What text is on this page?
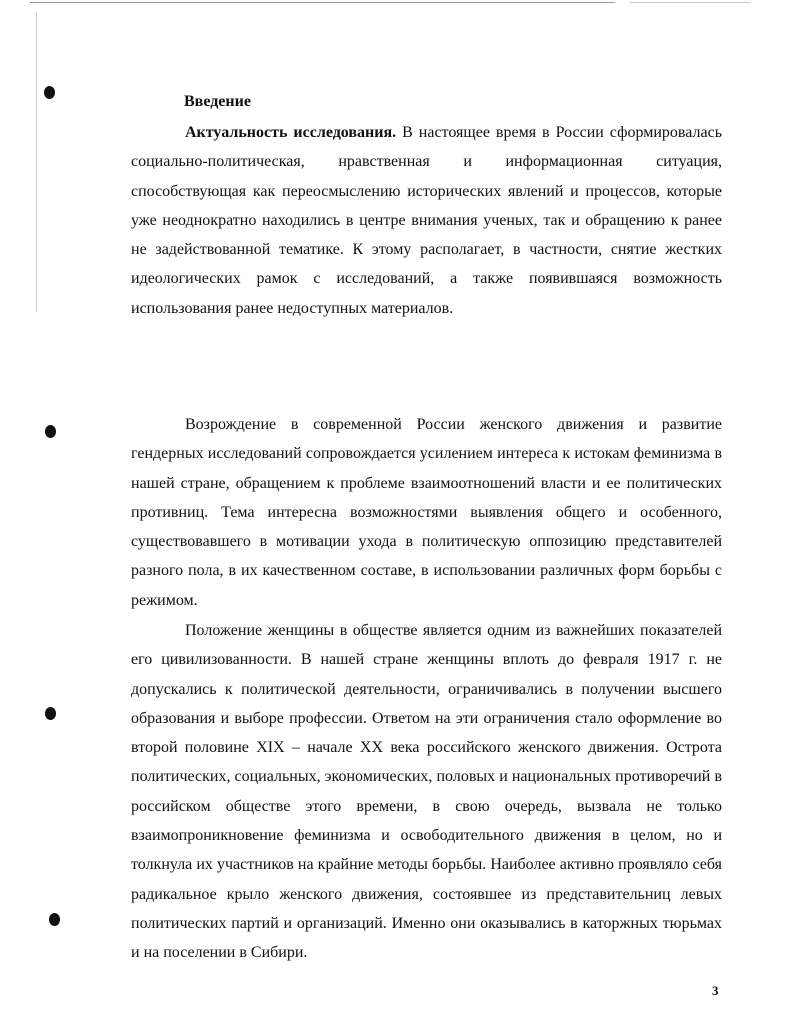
Введение

Актуальность исследования. В настоящее время в России сформировалась социально-политическая, нравственная и информационная ситуация, способствующая как переосмыслению исторических явлений и процессов, которые уже неоднократно находились в центре внимания ученых, так и обращению к ранее не задействованной тематике. К этому располагает, в частности, снятие жестких идеологических рамок с исследований, а также появившаяся возможность использования ранее недоступных материалов.

Возрождение в современной России женского движения и развитие гендерных исследований сопровождается усилением интереса к истокам феминизма в нашей стране, обращением к проблеме взаимоотношений власти и ее политических противниц. Тема интересна возможностями выявления общего и особенного, существовавшего в мотивации ухода в политическую оппозицию представителей разного пола, в их качественном составе, в использовании различных форм борьбы с режимом.

Положение женщины в обществе является одним из важнейших показателей его цивилизованности. В нашей стране женщины вплоть до февраля 1917 г. не допускались к политической деятельности, ограничивались в получении высшего образования и выборе профессии. Ответом на эти ограничения стало оформление во второй половине XIX – начале XX века российского женского движения. Острота политических, социальных, экономических, половых и национальных противоречий в российском обществе этого времени, в свою очередь, вызвала не только взаимопроникновение феминизма и освободительного движения в целом, но и толкнула их участников на крайние методы борьбы. Наиболее активно проявляло себя радикальное крыло женского движения, состоявшее из представительниц левых политических партий и организаций. Именно они оказывались в каторжных тюрьмах и на поселении в Сибири.

3
